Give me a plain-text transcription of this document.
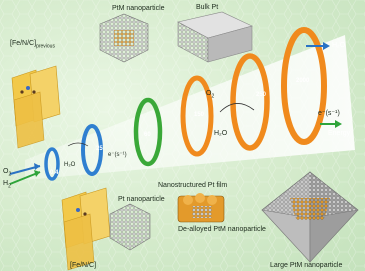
$[Fe/N/C]_{previous}$
PtM nanoparticle	Bulk Pt
Pt nanoparticle
Nanostructured Pt film
De-alloyed PtM nanoparticle
[Fe/N/C]	Large PtM nanoparticle
0.4
25
60
150
250
2000
$O_2$
$H_2$
H₂O
e⁻(s⁻¹)
$O_2$
H₂O
H₂O
e⁻(s⁻¹)
Energy
